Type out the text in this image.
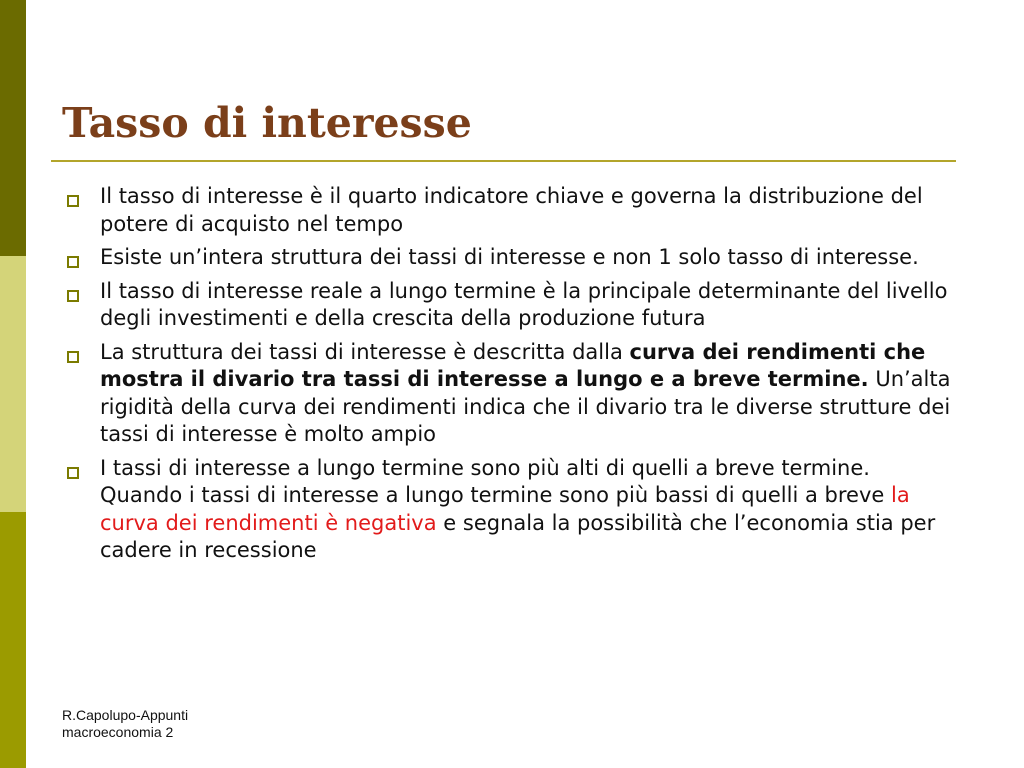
Tasso di interesse
Il tasso di interesse è il quarto indicatore chiave e governa la distribuzione del potere di acquisto nel tempo
Esiste un’intera struttura dei tassi di interesse e non 1 solo tasso di interesse.
Il tasso di interesse reale a lungo termine è la principale determinante del livello degli investimenti e della crescita della produzione futura
La struttura dei tassi di interesse è descritta dalla curva dei rendimenti che mostra il divario tra tassi di interesse a lungo e a breve termine. Un’alta rigidità della curva dei rendimenti indica che il divario tra le diverse strutture dei tassi di interesse è molto ampio
I tassi di interesse a lungo termine sono più alti di quelli a breve termine. Quando i tassi di interesse a lungo termine sono più bassi di quelli a breve la curva dei rendimenti è negativa e segnala la possibilità che l’economia stia per cadere in recessione
R.Capolupo-Appunti
macroeconomia 2
